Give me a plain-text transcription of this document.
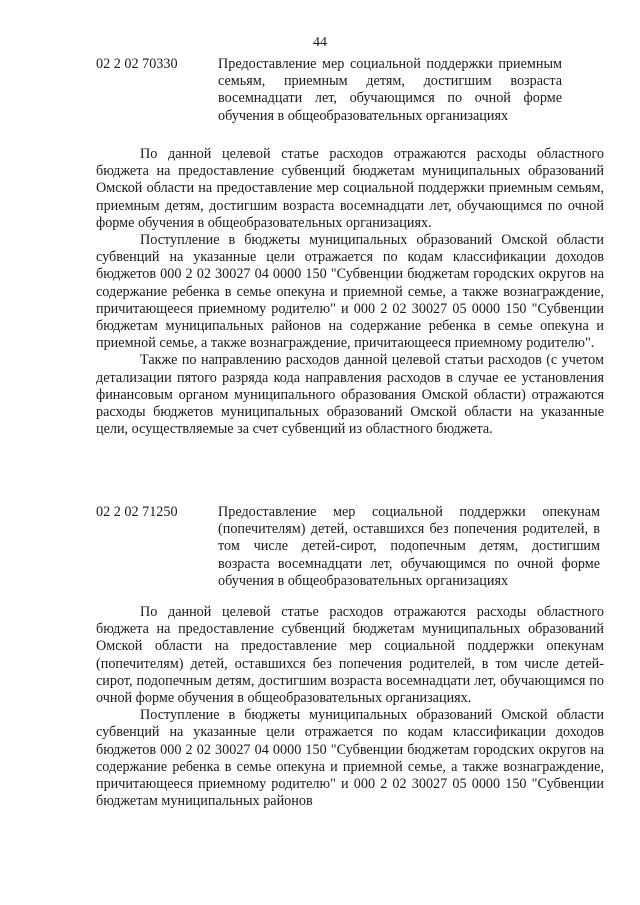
44
02 2 02 70330	Предоставление мер социальной поддержки приемным семьям, приемным детям, достигшим возраста восемнадцати лет, обучающимся по очной форме обучения в общеобразовательных организациях

По данной целевой статье расходов отражаются расходы областного бюджета на предоставление субвенций бюджетам муниципальных образований Омской области на предоставление мер социальной поддержки приемным семьям, приемным детям, достигшим возраста восемнадцати лет, обучающимся по очной форме обучения в общеобразовательных организациях.

Поступление в бюджеты муниципальных образований Омской области субвенций на указанные цели отражается по кодам классификации доходов бюджетов 000 2 02 30027 04 0000 150 "Субвенции бюджетам городских округов на содержание ребенка в семье опекуна и приемной семье, а также вознаграждение, причитающееся приемному родителю" и 000 2 02 30027 05 0000 150 "Субвенции бюджетам муниципальных районов на содержание ребенка в семье опекуна и приемной семье, а также вознаграждение, причитающееся приемному родителю".

Также по направлению расходов данной целевой статьи расходов (с учетом детализации пятого разряда кода направления расходов в случае ее установления финансовым органом муниципального образования Омской области) отражаются расходы бюджетов муниципальных образований Омской области на указанные цели, осуществляемые за счет субвенций из областного бюджета.

02 2 02 71250	Предоставление мер социальной поддержки опекунам (попечителям) детей, оставшихся без попечения родителей, в том числе детей-сирот, подопечным детям, достигшим возраста восемнадцати лет, обучающимся по очной форме обучения в общеобразовательных организациях

По данной целевой статье расходов отражаются расходы областного бюджета на предоставление субвенций бюджетам муниципальных образований Омской области на предоставление мер социальной поддержки опекунам (попечителям) детей, оставшихся без попечения родителей, в том числе детей-сирот, подопечным детям, достигшим возраста восемнадцати лет, обучающимся по очной форме обучения в общеобразовательных организациях.

Поступление в бюджеты муниципальных образований Омской области субвенций на указанные цели отражается по кодам классификации доходов бюджетов 000 2 02 30027 04 0000 150 "Субвенции бюджетам городских округов на содержание ребенка в семье опекуна и приемной семье, а также вознаграждение, причитающееся приемному родителю" и 000 2 02 30027 05 0000 150 "Субвенции бюджетам муниципальных районов
